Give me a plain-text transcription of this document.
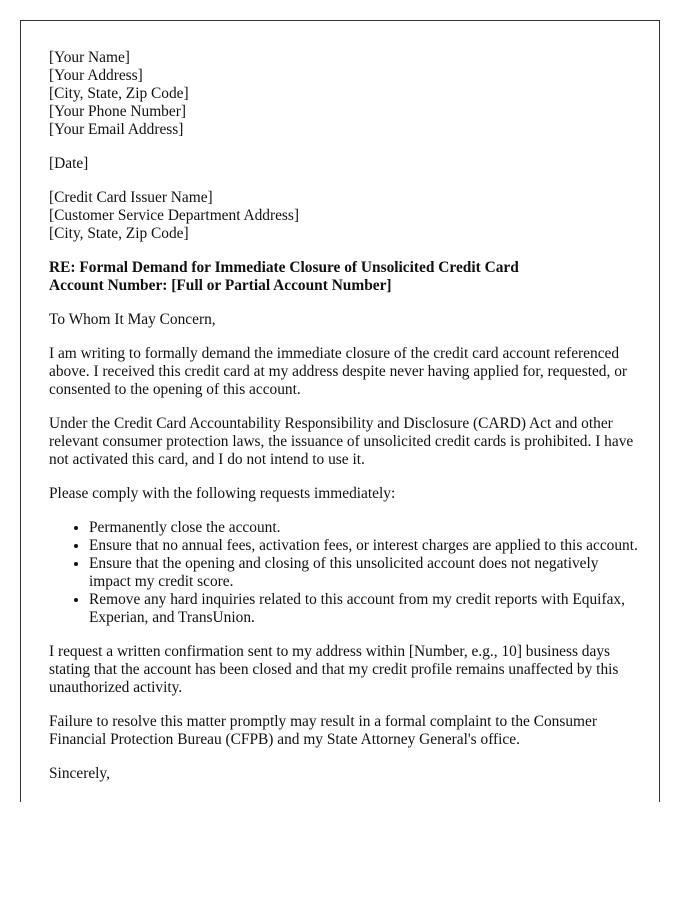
[Your Name]
[Your Address]
[City, State, Zip Code]
[Your Phone Number]
[Your Email Address]
[Date]
[Credit Card Issuer Name]
[Customer Service Department Address]
[City, State, Zip Code]
RE: Formal Demand for Immediate Closure of Unsolicited Credit Card
Account Number: [Full or Partial Account Number]

To Whom It May Concern,

I am writing to formally demand the immediate closure of the credit card account referenced above. I received this credit card at my address despite never having applied for, requested, or consented to the opening of this account.

Under the Credit Card Accountability Responsibility and Disclosure (CARD) Act and other relevant consumer protection laws, the issuance of unsolicited credit cards is prohibited. I have not activated this card, and I do not intend to use it.

Please comply with the following requests immediately:

• Permanently close the account.
• Ensure that no annual fees, activation fees, or interest charges are applied to this account.
• Ensure that the opening and closing of this unsolicited account does not negatively impact my credit score.
• Remove any hard inquiries related to this account from my credit reports with Equifax, Experian, and TransUnion.

I request a written confirmation sent to my address within [Number, e.g., 10] business days stating that the account has been closed and that my credit profile remains unaffected by this unauthorized activity.

Failure to resolve this matter promptly may result in a formal complaint to the Consumer Financial Protection Bureau (CFPB) and my State Attorney General's office.

Sincerely,
